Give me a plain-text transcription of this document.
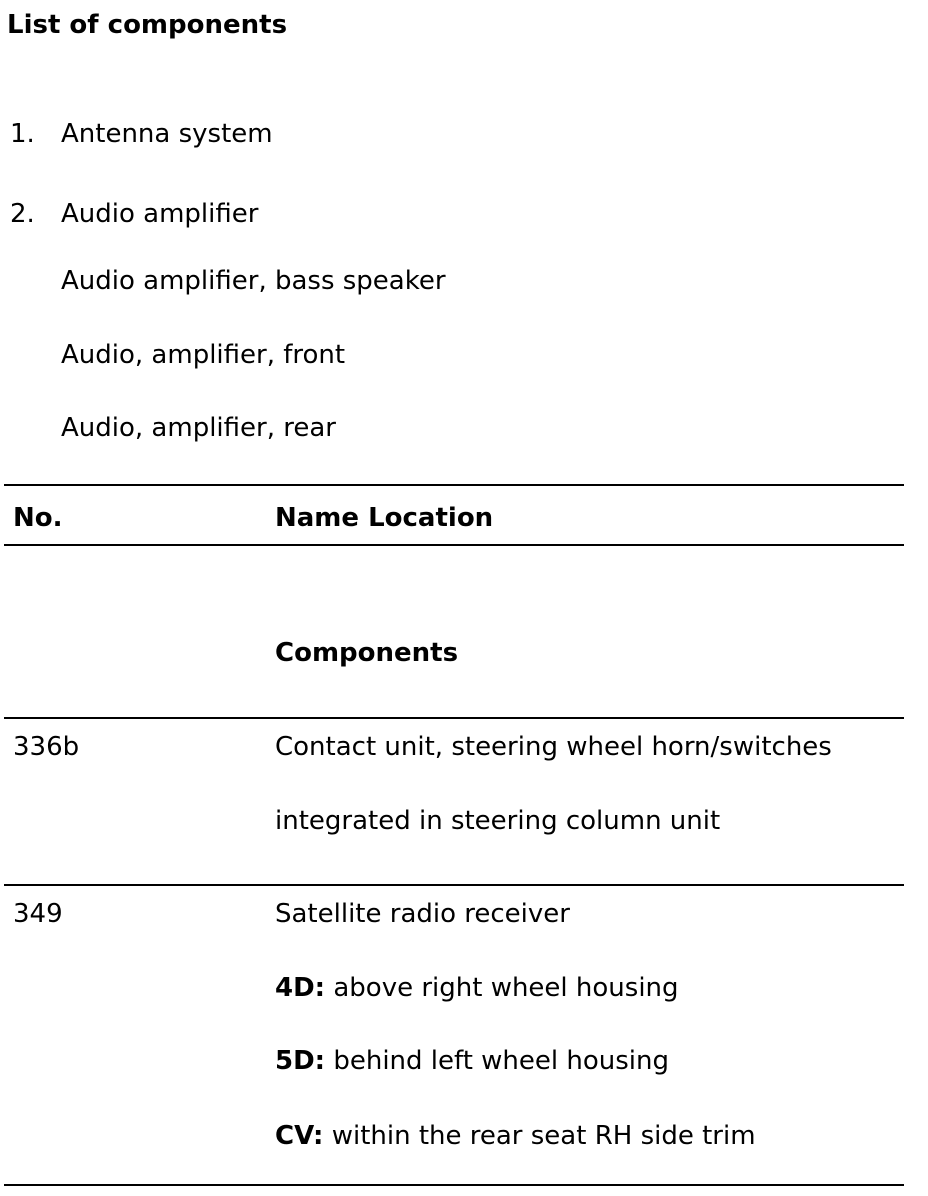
List of components
1. Antenna system
2. Audio amplifier
Audio amplifier, bass speaker
Audio, amplifier, front
Audio, amplifier, rear
No.	Name Location
Components
336b	Contact unit, steering wheel horn/switches
integrated in steering column unit
349	Satellite radio receiver
4D: above right wheel housing
5D: behind left wheel housing
CV: within the rear seat RH side trim
